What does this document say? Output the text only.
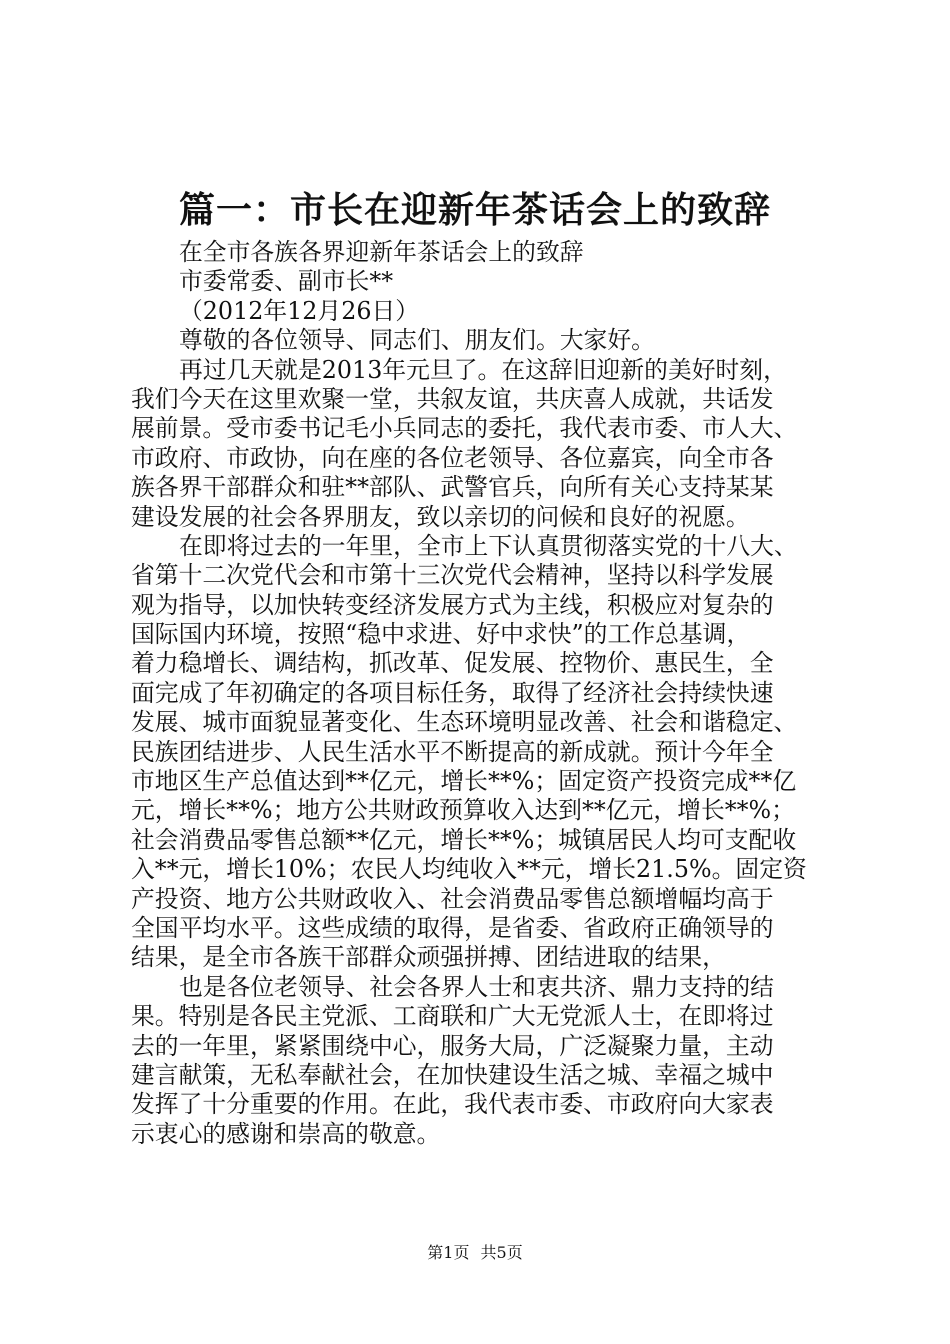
篇一：市长在迎新年茶话会上的致辞
在全市各族各界迎新年茶话会上的致辞
市委常委、副市长**
（2012年12月26日）
尊敬的各位领导、同志们、朋友们。大家好。
再过几天就是2013年元旦了。在这辞旧迎新的美好时刻，
我们今天在这里欢聚一堂，共叙友谊，共庆喜人成就，共话发
展前景。受市委书记毛小兵同志的委托，我代表市委、市人大、
市政府、市政协，向在座的各位老领导、各位嘉宾，向全市各
族各界干部群众和驻**部队、武警官兵，向所有关心支持某某
建设发展的社会各界朋友，致以亲切的问候和良好的祝愿。
在即将过去的一年里，全市上下认真贯彻落实党的十八大、
省第十二次党代会和市第十三次党代会精神，坚持以科学发展
观为指导，以加快转变经济发展方式为主线，积极应对复杂的
国际国内环境，按照“稳中求进、好中求快”的工作总基调，
着力稳增长、调结构，抓改革、促发展、控物价、惠民生，全
面完成了年初确定的各项目标任务，取得了经济社会持续快速
发展、城市面貌显著变化、生态环境明显改善、社会和谐稳定、
民族团结进步、人民生活水平不断提高的新成就。预计今年全
市地区生产总值达到**亿元，增长**%；固定资产投资完成**亿
元，增长**%；地方公共财政预算收入达到**亿元，增长**%；
社会消费品零售总额**亿元，增长**%；城镇居民人均可支配收
入**元，增长10%；农民人均纯收入**元，增长21.5%。固定资
产投资、地方公共财政收入、社会消费品零售总额增幅均高于
全国平均水平。这些成绩的取得，是省委、省政府正确领导的
结果，是全市各族干部群众顽强拼搏、团结进取的结果，
也是各位老领导、社会各界人士和衷共济、鼎力支持的结
果。特别是各民主党派、工商联和广大无党派人士，在即将过
去的一年里，紧紧围绕中心，服务大局，广泛凝聚力量，主动
建言献策，无私奉献社会，在加快建设生活之城、幸福之城中
发挥了十分重要的作用。在此，我代表市委、市政府向大家表
示衷心的感谢和崇高的敬意。
第1页 共5页
